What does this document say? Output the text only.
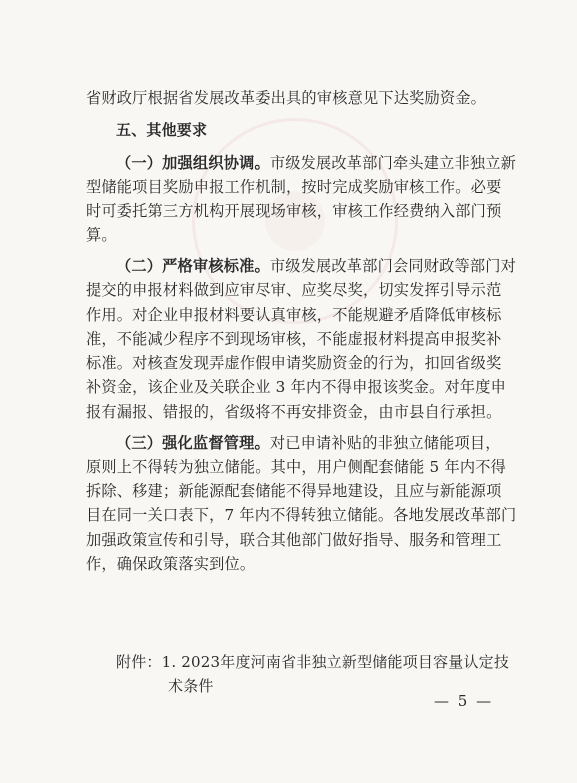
省财政厅根据省发展改革委出具的审核意见下达奖励资金。
五、其他要求
（一）加强组织协调。市级发展改革部门牵头建立非独立新
型储能项目奖励申报工作机制，按时完成奖励审核工作。必要
时可委托第三方机构开展现场审核，审核工作经费纳入部门预
算。
（二）严格审核标准。市级发展改革部门会同财政等部门对
提交的申报材料做到应审尽审、应奖尽奖，切实发挥引导示范
作用。对企业申报材料要认真审核，不能规避矛盾降低审核标
准，不能减少程序不到现场审核，不能虚报材料提高申报奖补
标准。对核查发现弄虚作假申请奖励资金的行为，扣回省级奖
补资金，该企业及关联企业 3 年内不得申报该奖金。对年度申
报有漏报、错报的，省级将不再安排资金，由市县自行承担。
（三）强化监督管理。对已申请补贴的非独立储能项目，
原则上不得转为独立储能。其中，用户侧配套储能 5 年内不得
拆除、移建；新能源配套储能不得异地建设，且应与新能源项
目在同一关口表下，7 年内不得转独立储能。各地发展改革部门
加强政策宣传和引导，联合其他部门做好指导、服务和管理工
作，确保政策落实到位。
附件：1. 2023年度河南省非独立新型储能项目容量认定技
术条件
— 5 —
